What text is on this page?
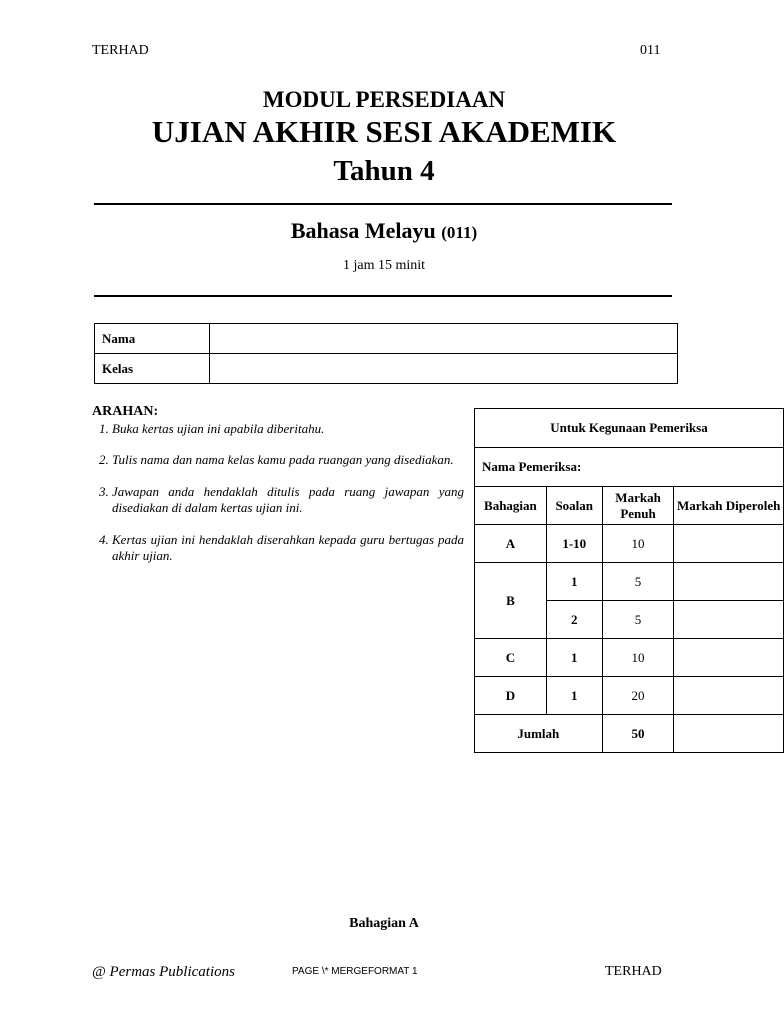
TERHAD	011
MODUL PERSEDIAAN
UJIAN AKHIR SESI AKADEMIK
Tahun 4
Bahasa Melayu (011)
1 jam 15 minit
Nama	
Kelas	
ARAHAN:
1. Buka kertas ujian ini apabila diberitahu.
2. Tulis nama dan nama kelas kamu pada ruangan yang disediakan.
3. Jawapan anda hendaklah ditulis pada ruang jawapan yang disediakan di dalam kertas ujian ini.
4. Kertas ujian ini hendaklah diserahkan kepada guru bertugas pada akhir ujian.
Untuk Kegunaan Pemeriksa			
Nama Pemeriksa:			
Bahagian	Soalan	Markah Penuh	Markah Diperoleh
A	1-10	10	
B	1	5	
	2	5	
C	1	10	
D	1	20	
Jumlah		50	
Bahagian A
@ Permas Publications	PAGE \* MERGEFORMAT 1	TERHAD
